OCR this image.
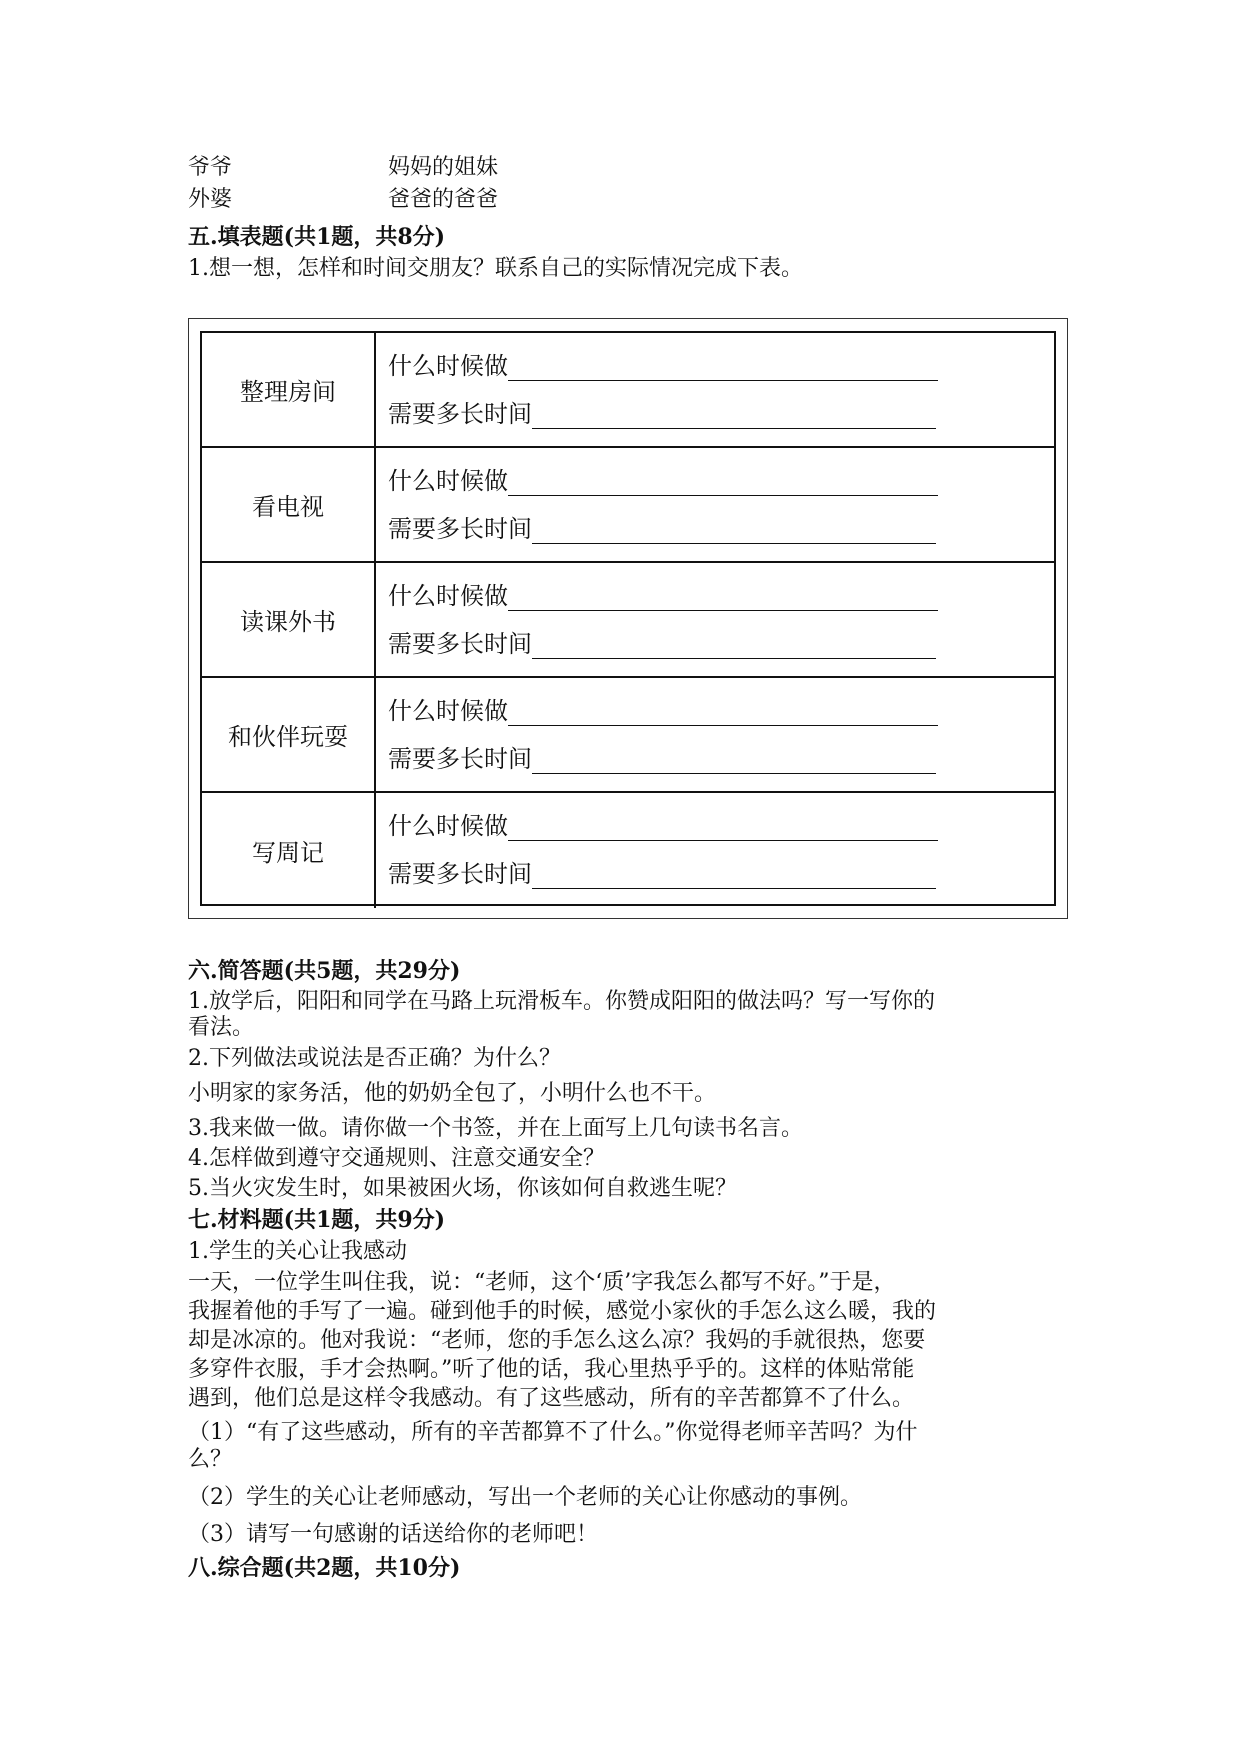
爷爷	妈妈的姐妹
外婆	爸爸的爸爸
五.填表题(共1题，共8分)
1.想一想，怎样和时间交朋友？联系自己的实际情况完成下表。
整理房间
什么时候做
需要多长时间
看电视
什么时候做
需要多长时间
读课外书
什么时候做
需要多长时间
和伙伴玩耍
什么时候做
需要多长时间
写周记
什么时候做
需要多长时间
六.简答题(共5题，共29分)
1.放学后，阳阳和同学在马路上玩滑板车。你赞成阳阳的做法吗？写一写你的
看法。
2.下列做法或说法是否正确？为什么？
小明家的家务活，他的奶奶全包了，小明什么也不干。
3.我来做一做。请你做一个书签，并在上面写上几句读书名言。
4.怎样做到遵守交通规则、注意交通安全？
5.当火灾发生时，如果被困火场，你该如何自救逃生呢？
七.材料题(共1题，共9分)
1.学生的关心让我感动
一天，一位学生叫住我，说：“老师，这个‘质’字我怎么都写不好。”于是，
我握着他的手写了一遍。碰到他手的时候，感觉小家伙的手怎么这么暖，我的
却是冰凉的。他对我说：“老师，您的手怎么这么凉？我妈的手就很热，您要
多穿件衣服，手才会热啊。”听了他的话，我心里热乎乎的。这样的体贴常能
遇到，他们总是这样令我感动。有了这些感动，所有的辛苦都算不了什么。
（1）“有了这些感动，所有的辛苦都算不了什么。”你觉得老师辛苦吗？为什
么？
（2）学生的关心让老师感动，写出一个老师的关心让你感动的事例。
（3）请写一句感谢的话送给你的老师吧！
八.综合题(共2题，共10分)
